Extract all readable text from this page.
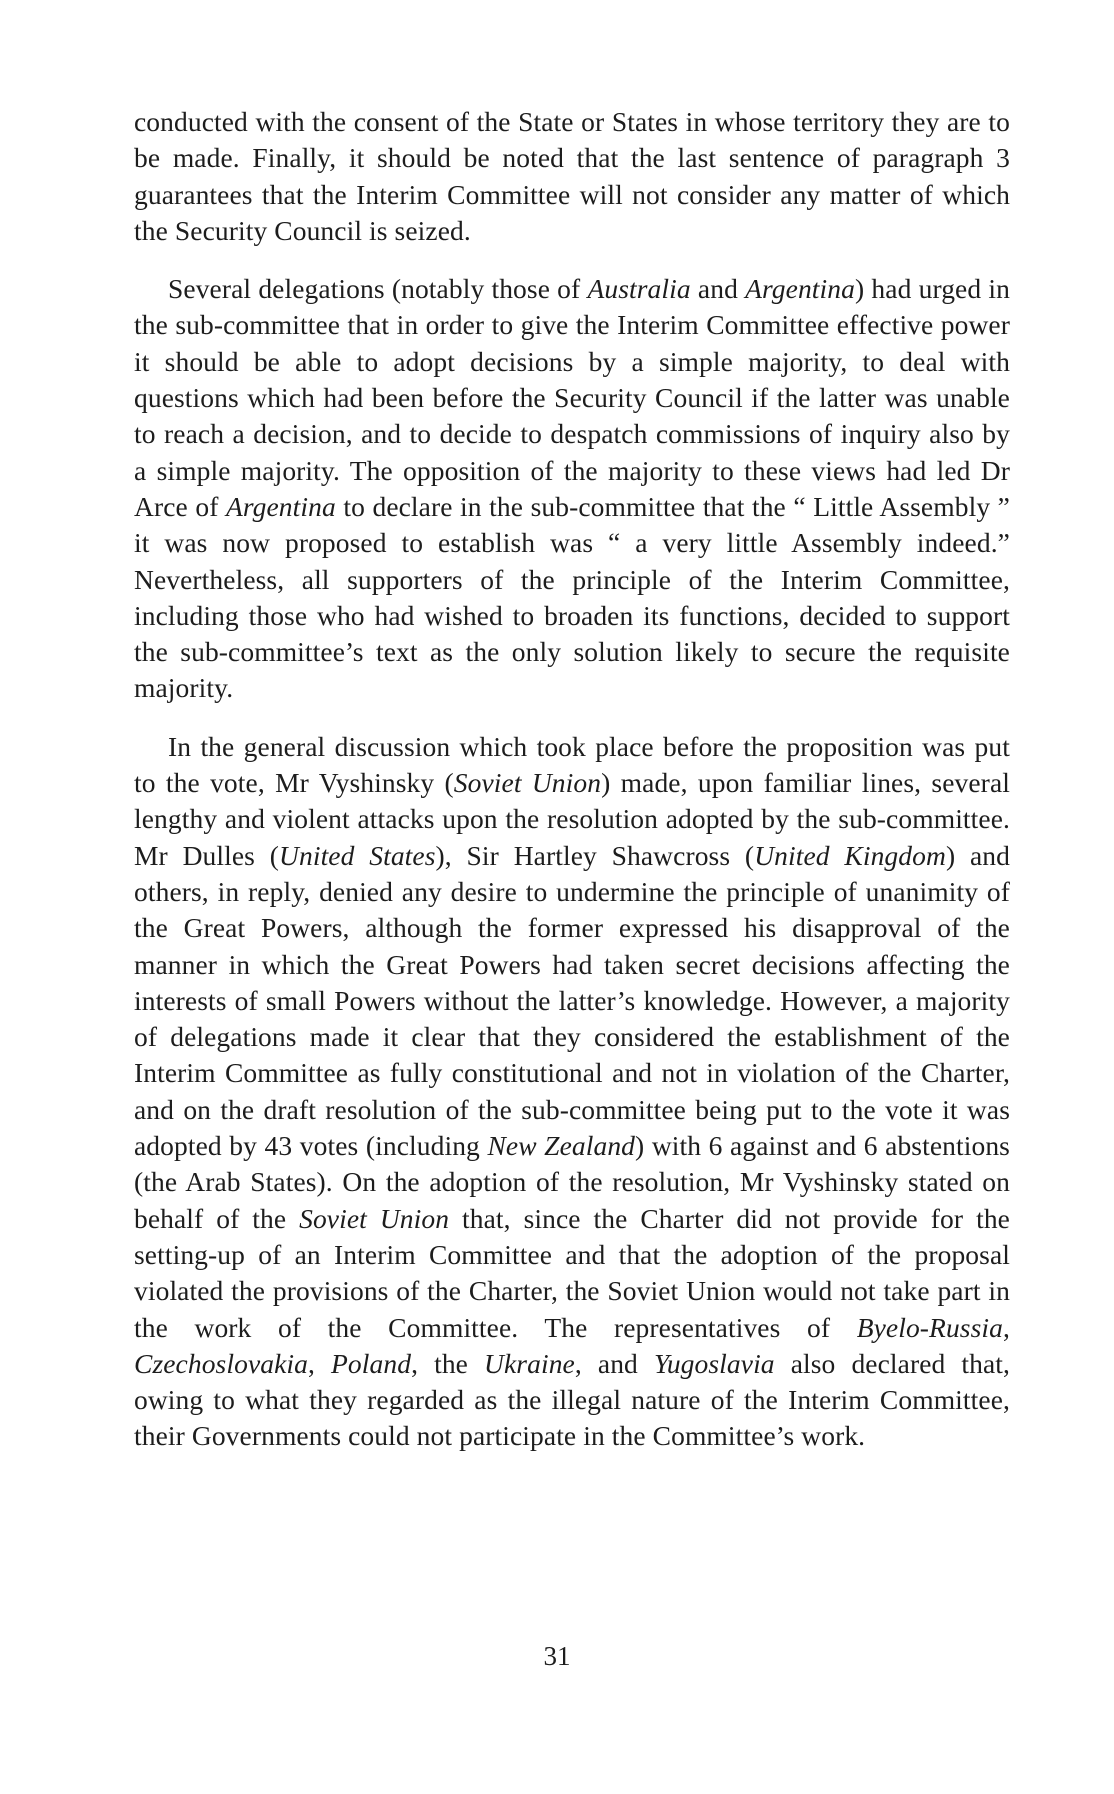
conducted with the consent of the State or States in whose territory they are to be made. Finally, it should be noted that the last sentence of paragraph 3 guarantees that the Interim Committee will not consider any matter of which the Security Council is seized.

Several delegations (notably those of Australia and Argentina) had urged in the sub-committee that in order to give the Interim Committee effective power it should be able to adopt decisions by a simple majority, to deal with questions which had been before the Security Council if the latter was unable to reach a decision, and to decide to despatch commissions of inquiry also by a simple majority. The opposition of the majority to these views had led Dr Arce of Argentina to declare in the sub-committee that the “ Little Assembly ” it was now proposed to establish was “ a very little Assembly indeed.” Nevertheless, all supporters of the principle of the Interim Committee, including those who had wished to broaden its functions, decided to support the sub-committee’s text as the only solution likely to secure the requisite majority.

In the general discussion which took place before the proposition was put to the vote, Mr Vyshinsky (Soviet Union) made, upon familiar lines, several lengthy and violent attacks upon the resolution adopted by the sub-committee. Mr Dulles (United States), Sir Hartley Shawcross (United Kingdom) and others, in reply, denied any desire to undermine the principle of unanimity of the Great Powers, although the former expressed his disapproval of the manner in which the Great Powers had taken secret decisions affecting the interests of small Powers without the latter’s knowledge. However, a majority of delegations made it clear that they considered the establishment of the Interim Committee as fully constitutional and not in violation of the Charter, and on the draft resolution of the sub-committee being put to the vote it was adopted by 43 votes (including New Zealand) with 6 against and 6 abstentions (the Arab States). On the adoption of the resolution, Mr Vyshinsky stated on behalf of the Soviet Union that, since the Charter did not provide for the setting-up of an Interim Committee and that the adoption of the proposal violated the provisions of the Charter, the Soviet Union would not take part in the work of the Committee. The representatives of Byelo-Russia, Czechoslovakia, Poland, the Ukraine, and Yugoslavia also declared that, owing to what they regarded as the illegal nature of the Interim Committee, their Governments could not participate in the Committee’s work.

31
